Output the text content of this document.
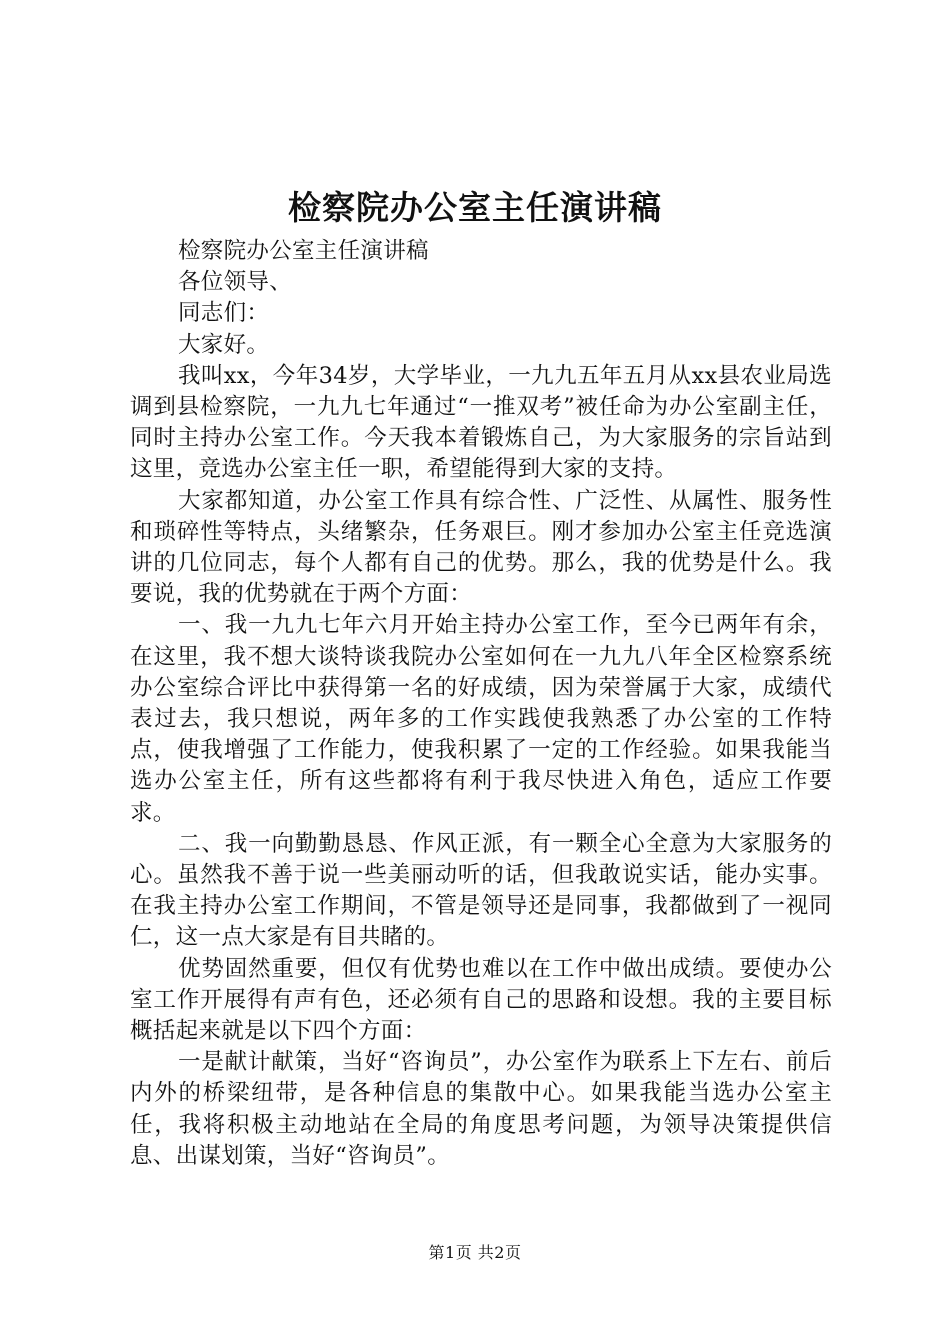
检察院办公室主任演讲稿

检察院办公室主任演讲稿

各位领导、

同志们：

大家好。

我叫xx，今年34岁，大学毕业，一九九五年五月从xx县农业局选调到县检察院，一九九七年通过“一推双考”被任命为办公室副主任，同时主持办公室工作。今天我本着锻炼自己，为大家服务的宗旨站到这里，竞选办公室主任一职，希望能得到大家的支持。

大家都知道，办公室工作具有综合性、广泛性、从属性、服务性和琐碎性等特点，头绪繁杂，任务艰巨。刚才参加办公室主任竞选演讲的几位同志，每个人都有自己的优势。那么，我的优势是什么。我要说，我的优势就在于两个方面：

一、我一九九七年六月开始主持办公室工作，至今已两年有余，在这里，我不想大谈特谈我院办公室如何在一九九八年全区检察系统办公室综合评比中获得第一名的好成绩，因为荣誉属于大家，成绩代表过去，我只想说，两年多的工作实践使我熟悉了办公室的工作特点，使我增强了工作能力，使我积累了一定的工作经验。如果我能当选办公室主任，所有这些都将有利于我尽快进入角色，适应工作要求。

二、我一向勤勤恳恳、作风正派，有一颗全心全意为大家服务的心。虽然我不善于说一些美丽动听的话，但我敢说实话，能办实事。在我主持办公室工作期间，不管是领导还是同事，我都做到了一视同仁，这一点大家是有目共睹的。

优势固然重要，但仅有优势也难以在工作中做出成绩。要使办公室工作开展得有声有色，还必须有自己的思路和设想。我的主要目标概括起来就是以下四个方面：

一是献计献策，当好“咨询员”，办公室作为联系上下左右、前后内外的桥梁纽带，是各种信息的集散中心。如果我能当选办公室主任，我将积极主动地站在全局的角度思考问题，为领导决策提供信息、出谋划策，当好“咨询员”。

第1页 共2页
